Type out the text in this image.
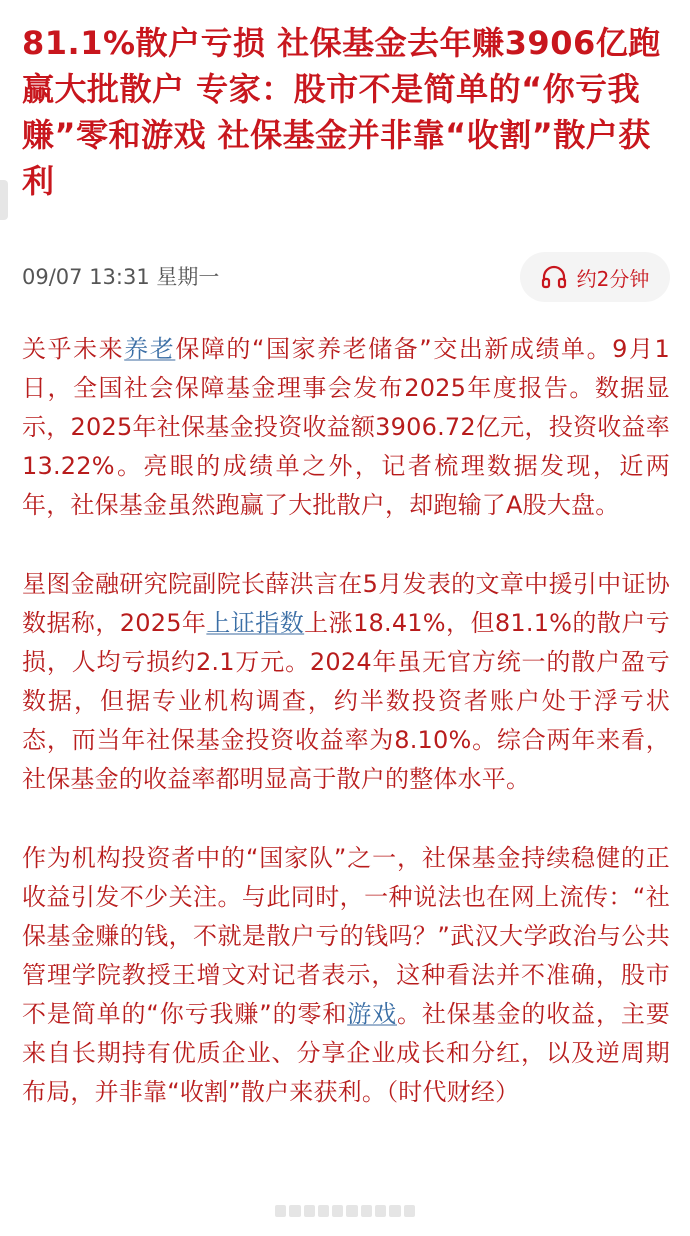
81.1%散户亏损 社保基金去年赚3906亿跑赢大批散户 专家：股市不是简单的“你亏我赚”零和游戏 社保基金并非靠“收割”散户获利
09/07 13:31 星期一	约2分钟

关乎未来养老保障的“国家养老储备”交出新成绩单。9月1日，全国社会保障基金理事会发布2025年度报告。数据显示，2025年社保基金投资收益额3906.72亿元，投资收益率13.22%。亮眼的成绩单之外，记者梳理数据发现，近两年，社保基金虽然跑赢了大批散户，却跑输了A股大盘。

星图金融研究院副院长薛洪言在5月发表的文章中援引中证协数据称，2025年上证指数上涨18.41%，但81.1%的散户亏损，人均亏损约2.1万元。2024年虽无官方统一的散户盈亏数据，但据专业机构调查，约半数投资者账户处于浮亏状态，而当年社保基金投资收益率为8.10%。综合两年来看，社保基金的收益率都明显高于散户的整体水平。

作为机构投资者中的“国家队”之一，社保基金持续稳健的正收益引发不少关注。与此同时，一种说法也在网上流传：“社保基金赚的钱，不就是散户亏的钱吗？”武汉大学政治与公共管理学院教授王增文对记者表示，这种看法并不准确，股市不是简单的“你亏我赚”的零和游戏。社保基金的收益，主要来自长期持有优质企业、分享企业成长和分红，以及逆周期布局，并非靠“收割”散户来获利。（时代财经）
